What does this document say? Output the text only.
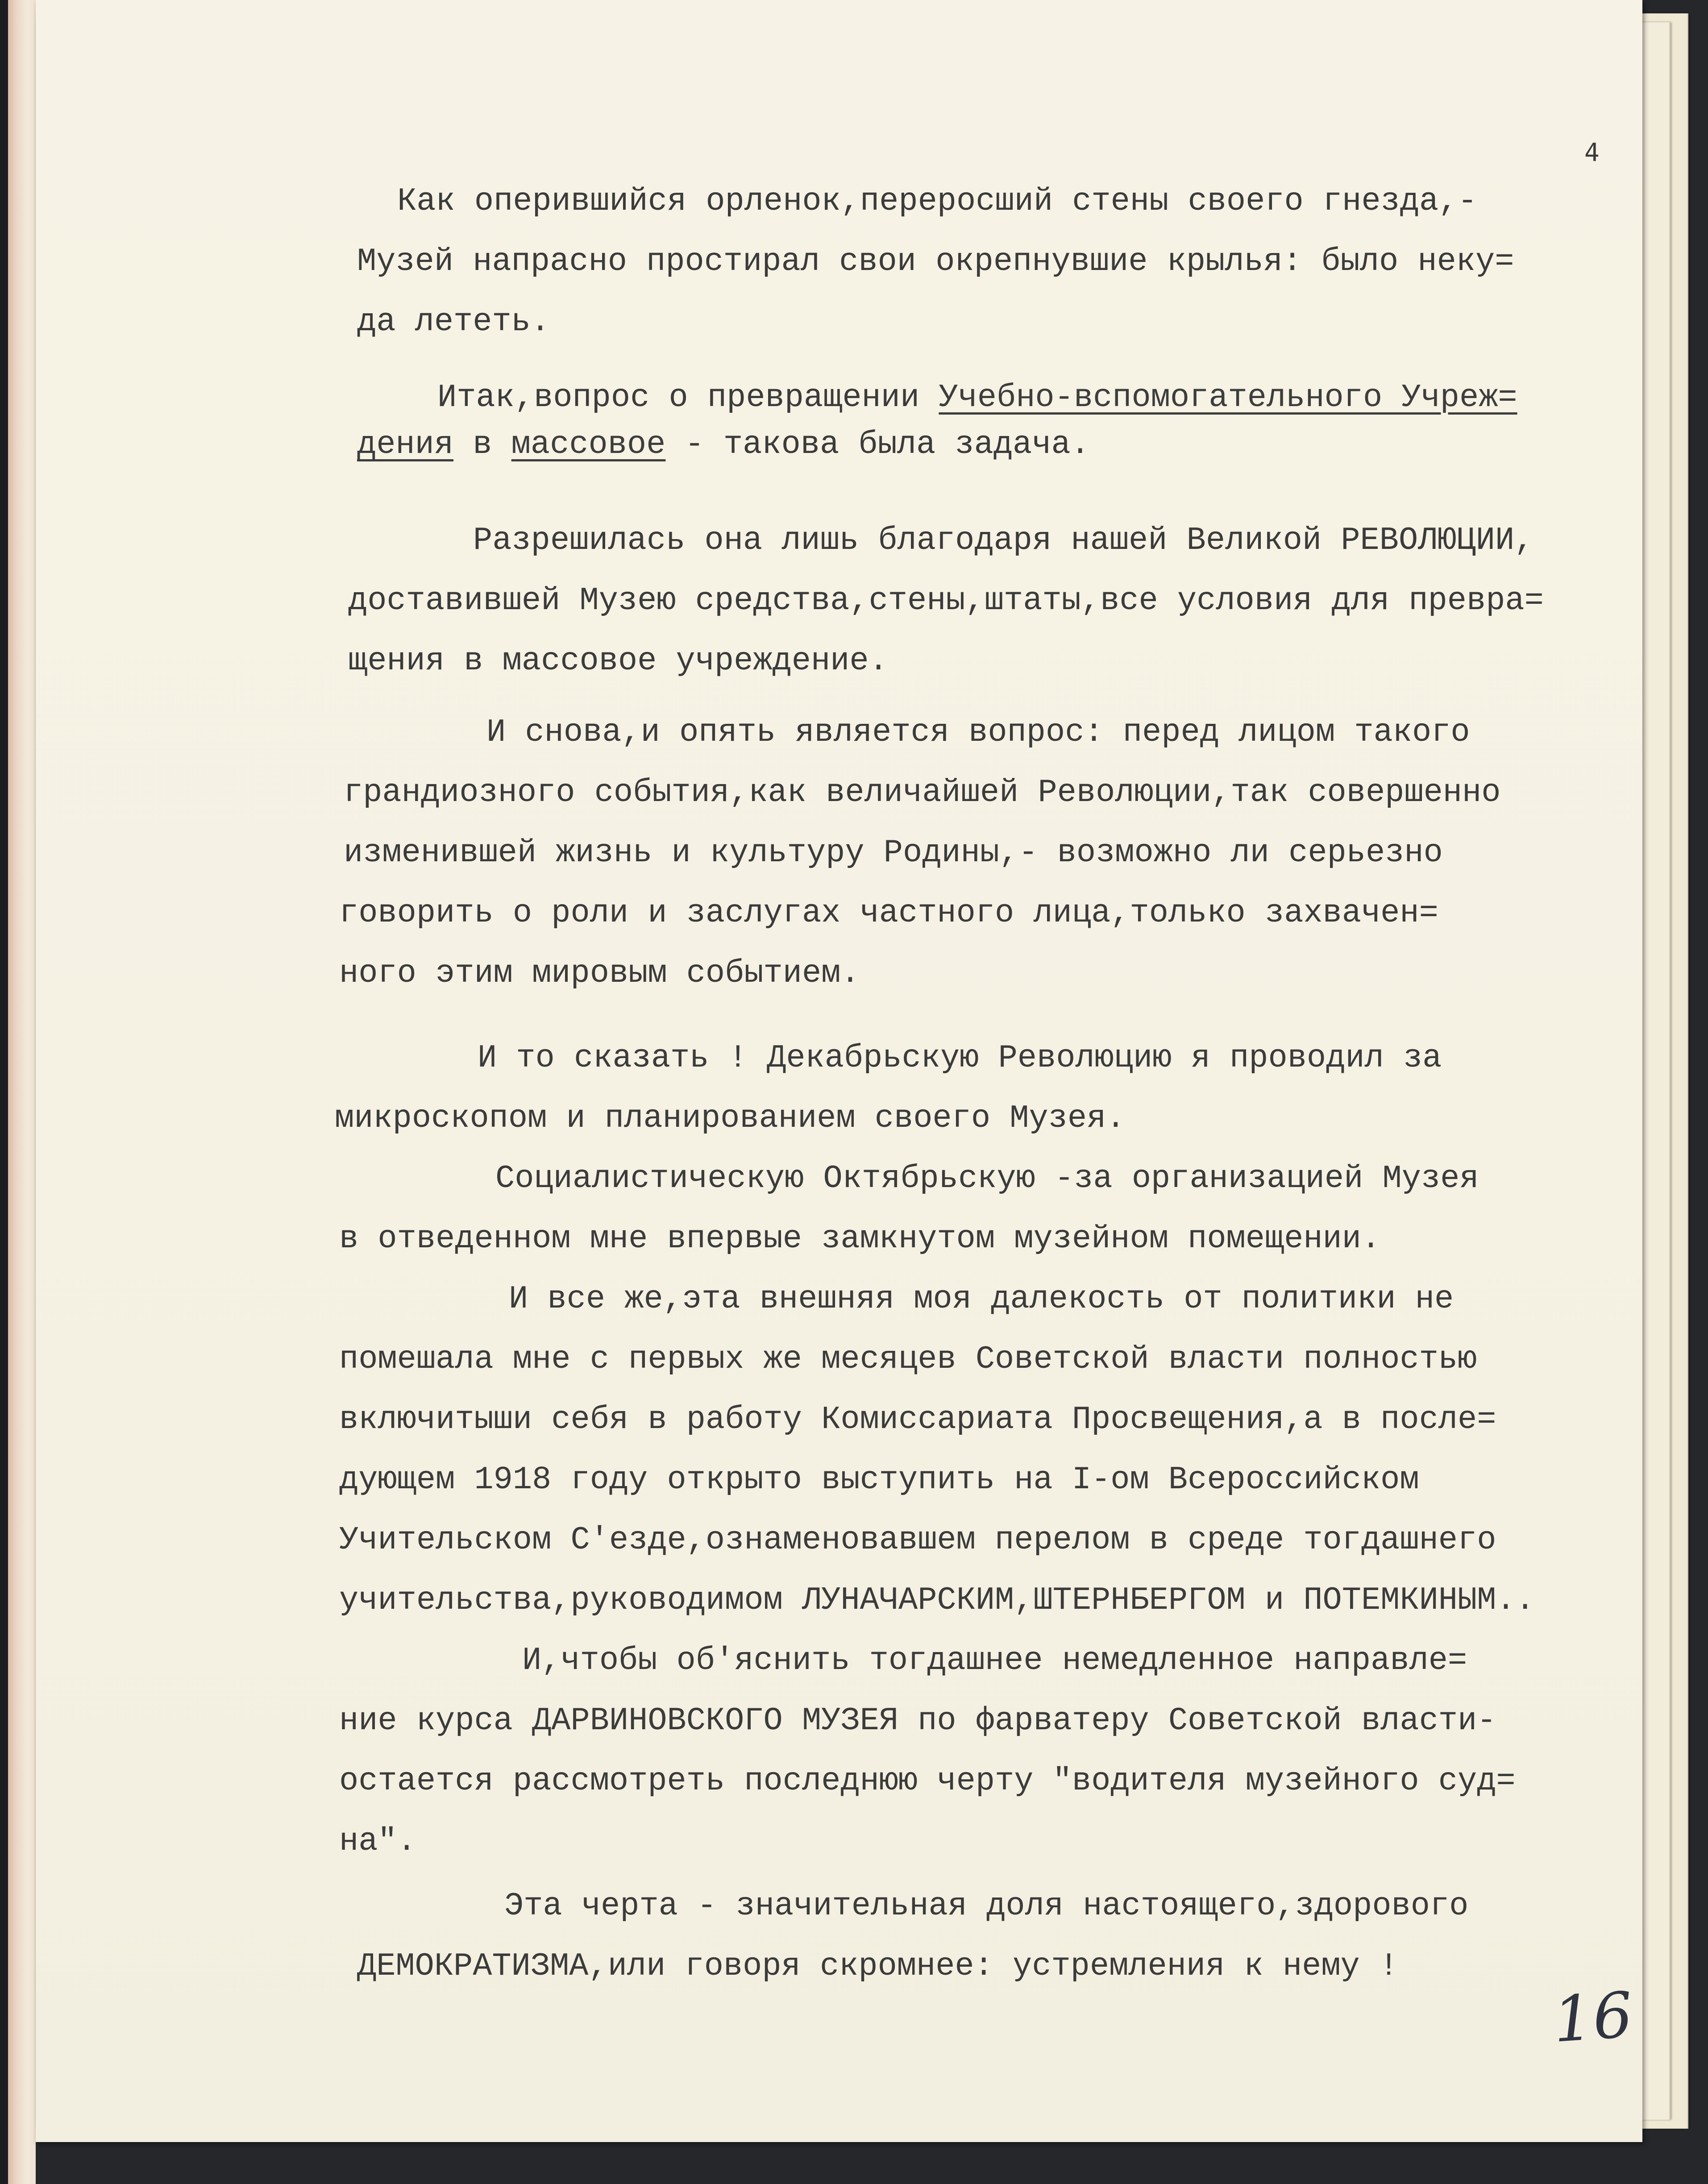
4
Как оперившийся орленок,переросший стены своего гнезда,-
Музей напрасно простирал свои окрепнувшие крылья: было неку=
да лететь.
Итак,вопрос о превращении Учебно-вспомогательного Учреж=
дения в массовое - такова была задача.
Разрешилась она лишь благодаря нашей Великой РЕВОЛЮЦИИ,
доставившей Музею средства,стены,штаты,все условия для превра=
щения в массовое учреждение.
И снова,и опять является вопрос: перед лицом такого
грандиозного события,как величайшей Революции,так совершенно
изменившей жизнь и культуру Родины,- возможно ли серьезно
говорить о роли и заслугах частного лица,только захвачен=
ного этим мировым событием.
И то сказать ! Декабрьскую Революцию я проводил за
микроскопом и планированием своего Музея.
Социалистическую Октябрьскую -за организацией Музея
в отведенном мне впервые замкнутом музейном помещении.
И все же,эта внешняя моя далекость от политики не
помешала мне с первых же месяцев Советской власти полностью
включитыши себя в работу Комиссариата Просвещения,а в после=
дующем 1918 году открыто выступить на I-ом Всероссийском
Учительском С'езде,ознаменовавшем перелом в среде тогдашнего
учительства,руководимом ЛУНАЧАРСКИМ,ШТЕРНБЕРГОМ и ПОТЕМКИНЫМ..
И,чтобы об'яснить тогдашнее немедленное направле=
ние курса ДАРВИНОВСКОГО МУЗЕЯ по фарватеру Советской власти-
остается рассмотреть последнюю черту "водителя музейного суд=
на".
Эта черта - значительная доля настоящего,здорового
ДЕМОКРАТИЗМА,или говоря скромнее: устремления к нему !
16
